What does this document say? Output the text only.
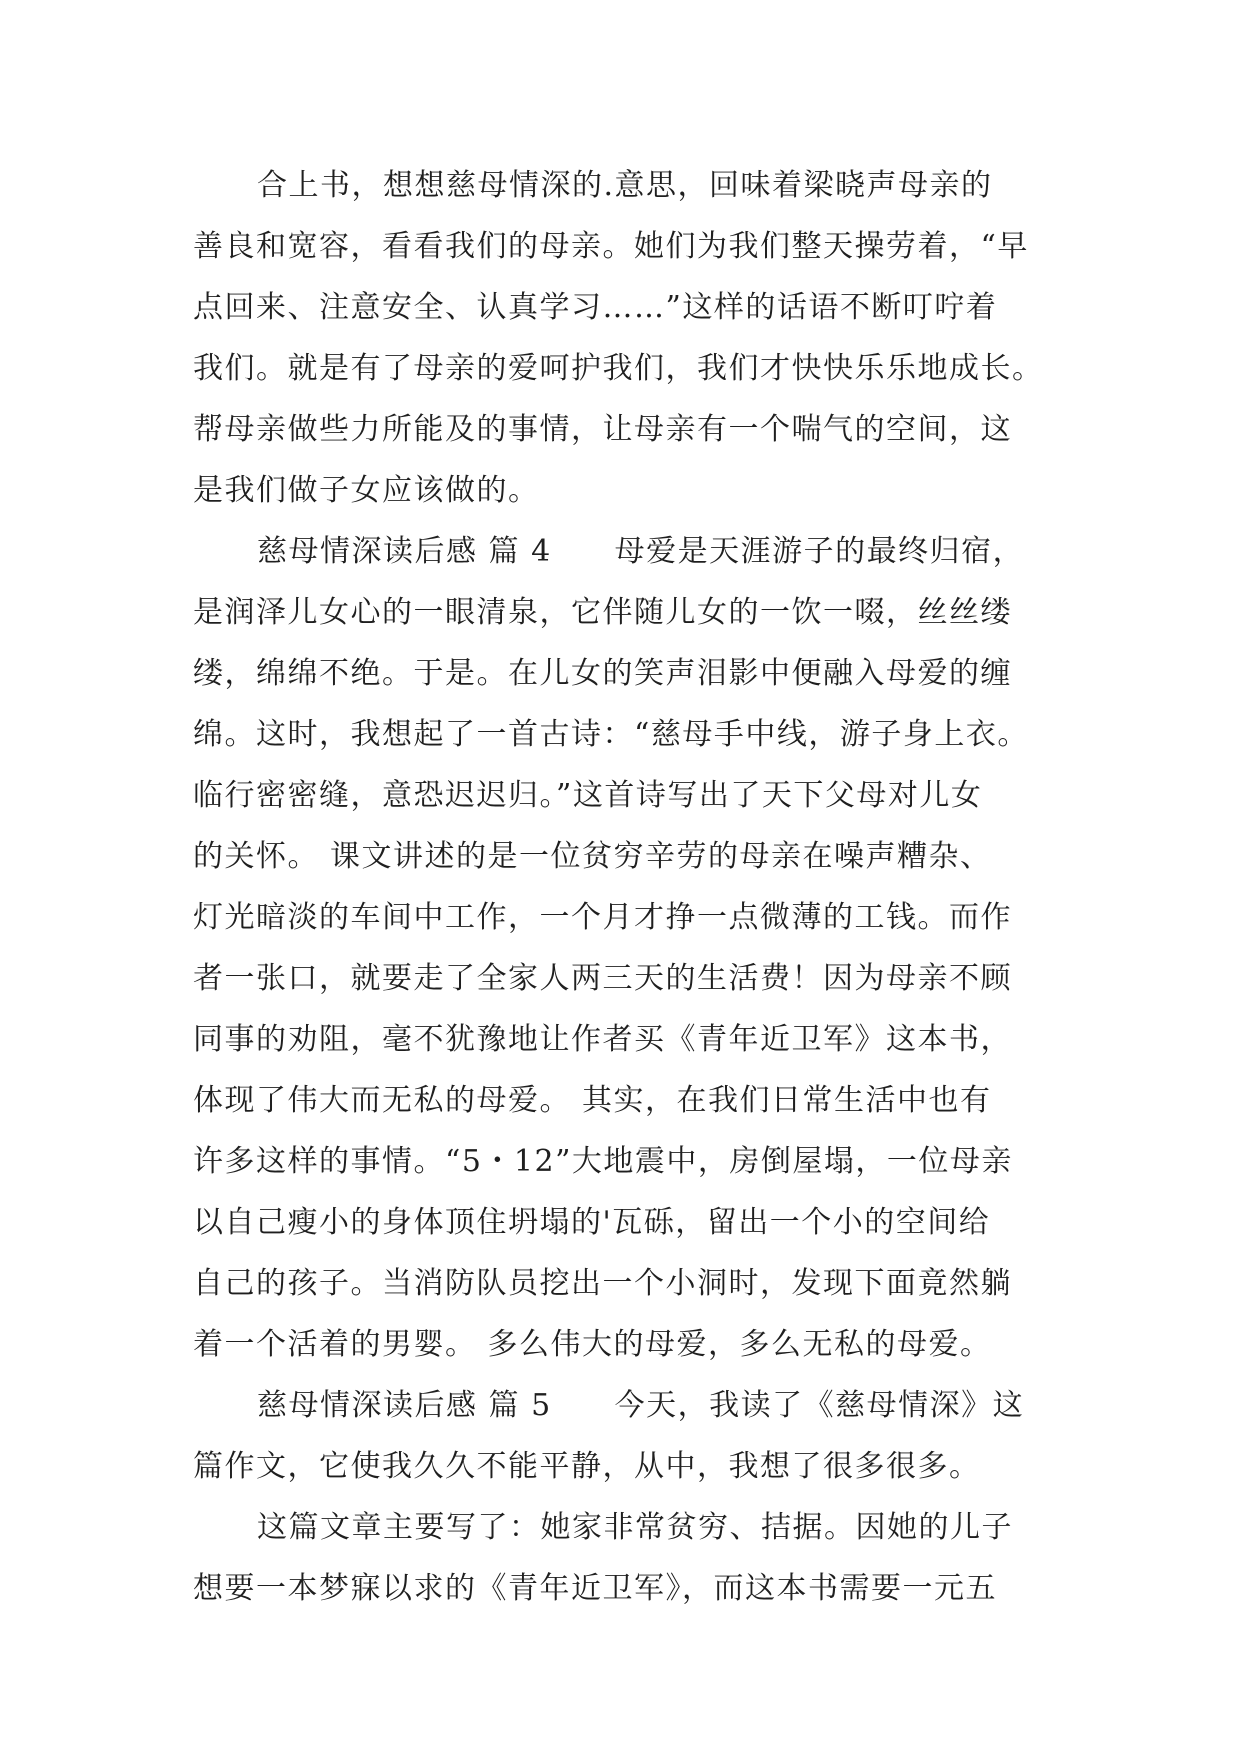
合上书，想想慈母情深的.意思，回味着梁晓声母亲的
善良和宽容，看看我们的母亲。她们为我们整天操劳着，“早
点回来、注意安全、认真学习……”这样的话语不断叮咛着
我们。就是有了母亲的爱呵护我们，我们才快快乐乐地成长。
帮母亲做些力所能及的事情，让母亲有一个喘气的空间，这
是我们做子女应该做的。
慈母情深读后感 篇 4　　母爱是天涯游子的最终归宿，
是润泽儿女心的一眼清泉，它伴随儿女的一饮一啜，丝丝缕
缕，绵绵不绝。于是。在儿女的笑声泪影中便融入母爱的缠
绵。这时，我想起了一首古诗：“慈母手中线，游子身上衣。
临行密密缝，意恐迟迟归。”这首诗写出了天下父母对儿女
的关怀。 课文讲述的是一位贫穷辛劳的母亲在噪声糟杂、
灯光暗淡的车间中工作，一个月才挣一点微薄的工钱。而作
者一张口，就要走了全家人两三天的生活费！因为母亲不顾
同事的劝阻，毫不犹豫地让作者买《青年近卫军》这本书，
体现了伟大而无私的母爱。 其实，在我们日常生活中也有
许多这样的事情。“5・12”大地震中，房倒屋塌，一位母亲
以自己瘦小的身体顶住坍塌的'瓦砾，留出一个小的空间给
自己的孩子。当消防队员挖出一个小洞时，发现下面竟然躺
着一个活着的男婴。 多么伟大的母爱，多么无私的母爱。
慈母情深读后感 篇 5　　今天，我读了《慈母情深》这
篇作文，它使我久久不能平静，从中，我想了很多很多。
这篇文章主要写了：她家非常贫穷、拮据。因她的儿子
想要一本梦寐以求的《青年近卫军》，而这本书需要一元五
